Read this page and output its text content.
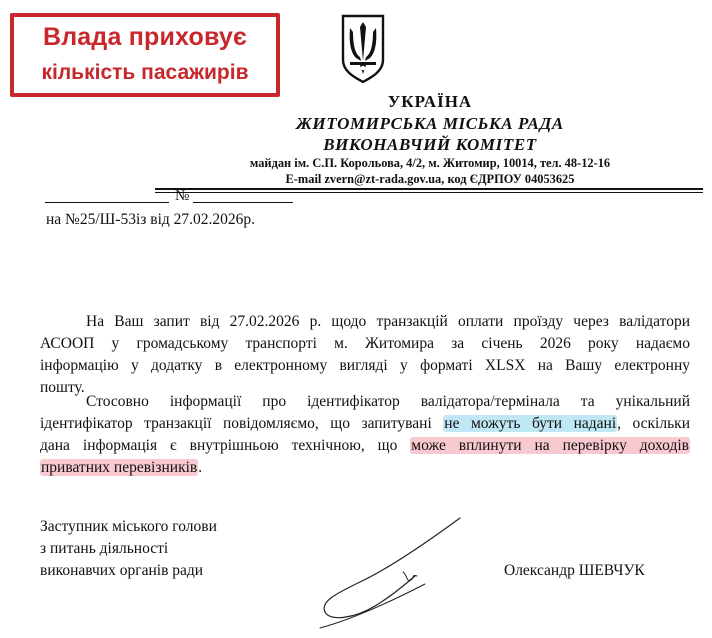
Влада приховує
кількість пасажирів
УКРАЇНА
ЖИТОМИРСЬКА МІСЬКА РАДА
ВИКОНАВЧИЙ КОМІТЕТ
майдан ім. С.П. Корольова, 4/2, м. Житомир, 10014, тел. 48-12-16
E-mail zvern@zt-rada.gov.ua, код ЄДРПОУ 04053625
№
на №25/Ш-53із від 27.02.2026р.
На Ваш запит від 27.02.2026 р. щодо транзакцій оплати проїзду через валідатори
АСООП у громадському транспорті м. Житомира за січень 2026 року надаємо
інформацію у додатку в електронному вигляді у форматі XLSX на Вашу електронну
пошту.
Стосовно інформації про ідентифікатор валідатора/термінала та унікальний
ідентифікатор транзакції повідомляємо, що запитувані не можуть бути надані, оскільки
дана інформація є внутрішньою технічною, що може вплинути на перевірку доходів
приватних перевізників.
Заступник міського голови
з питань діяльності
виконавчих органів ради	Олександр ШЕВЧУК
